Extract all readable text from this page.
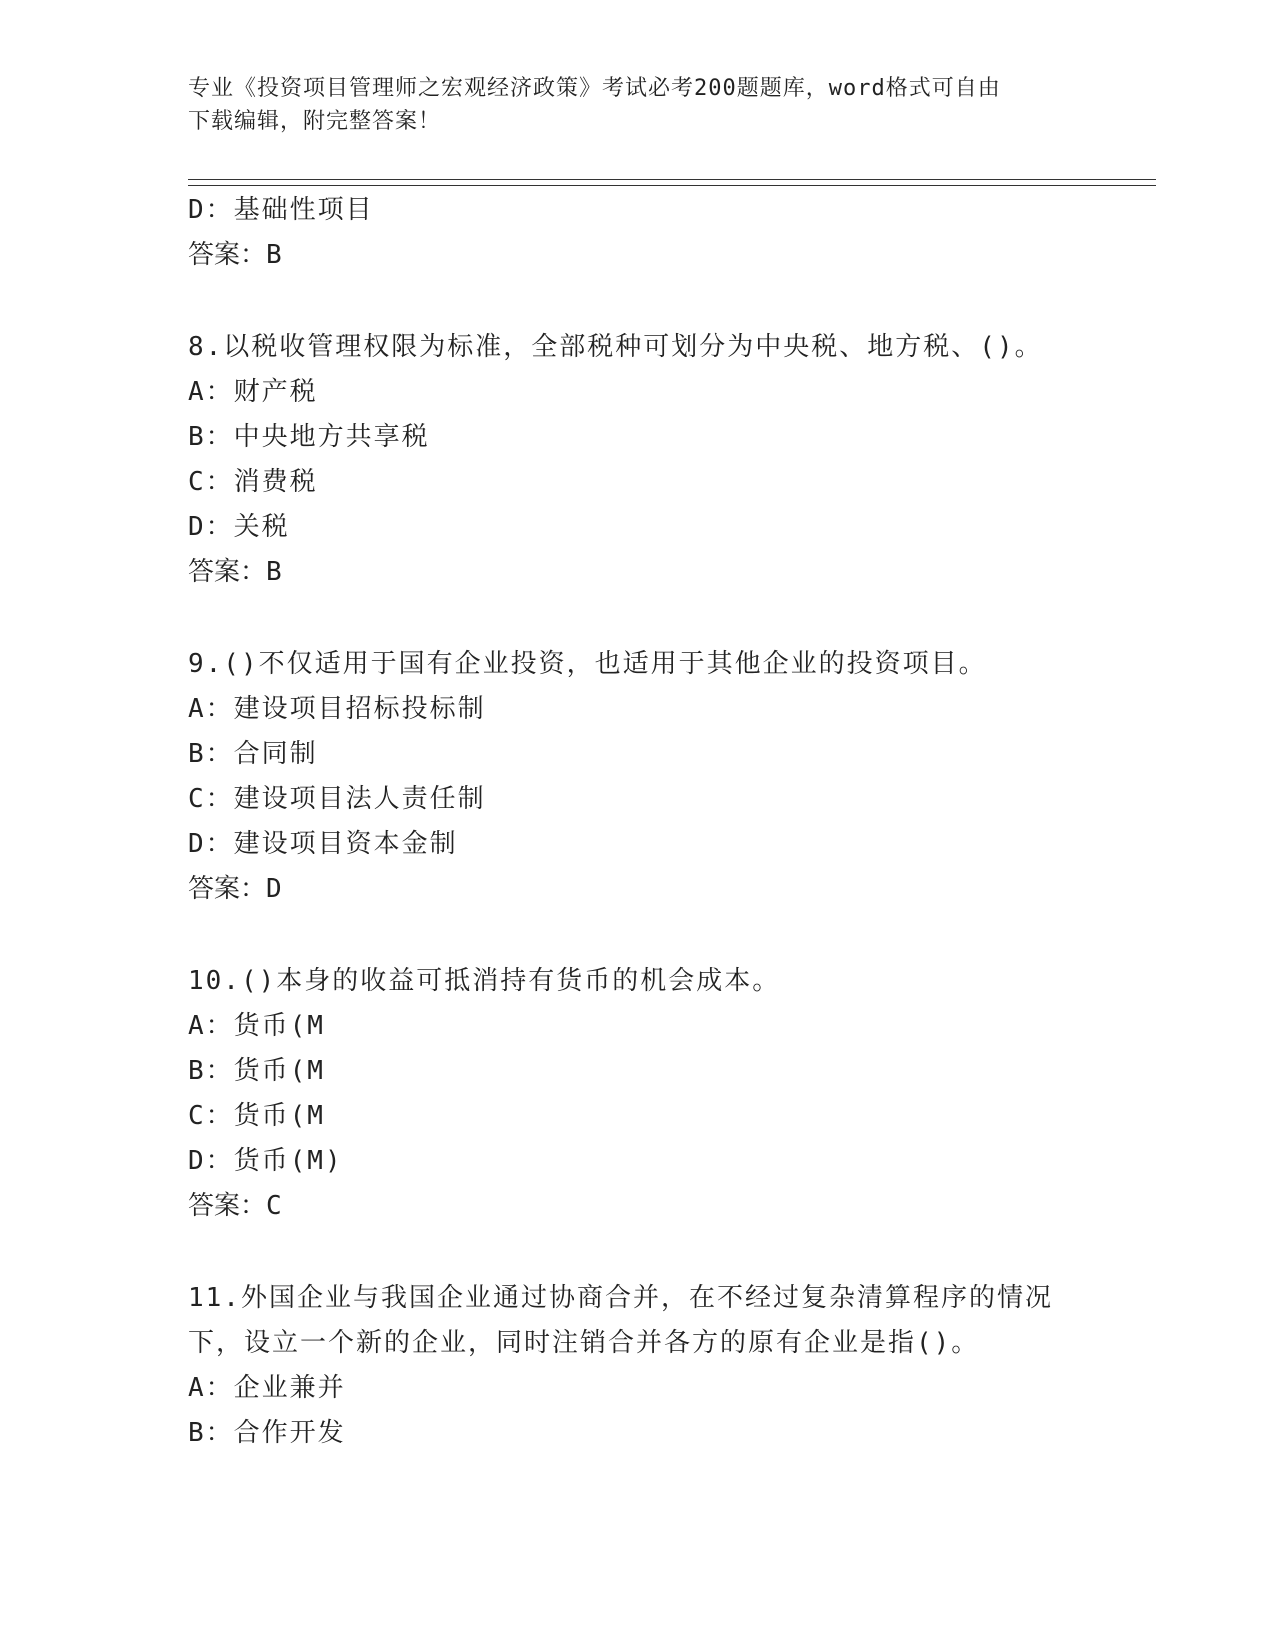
专业《投资项目管理师之宏观经济政策》考试必考200题题库，word格式可自由
下载编辑，附完整答案！
D：基础性项目
答案：B
8.以税收管理权限为标准，全部税种可划分为中央税、地方税、()。
A：财产税
B：中央地方共享税
C：消费税
D：关税
答案：B
9.()不仅适用于国有企业投资，也适用于其他企业的投资项目。
A：建设项目招标投标制
B：合同制
C：建设项目法人责任制
D：建设项目资本金制
答案：D
10.()本身的收益可抵消持有货币的机会成本。
A：货币(M
B：货币(M
C：货币(M
D：货币(M)
答案：C
11.外国企业与我国企业通过协商合并，在不经过复杂清算程序的情况
下，设立一个新的企业，同时注销合并各方的原有企业是指()。
A：企业兼并
B：合作开发
